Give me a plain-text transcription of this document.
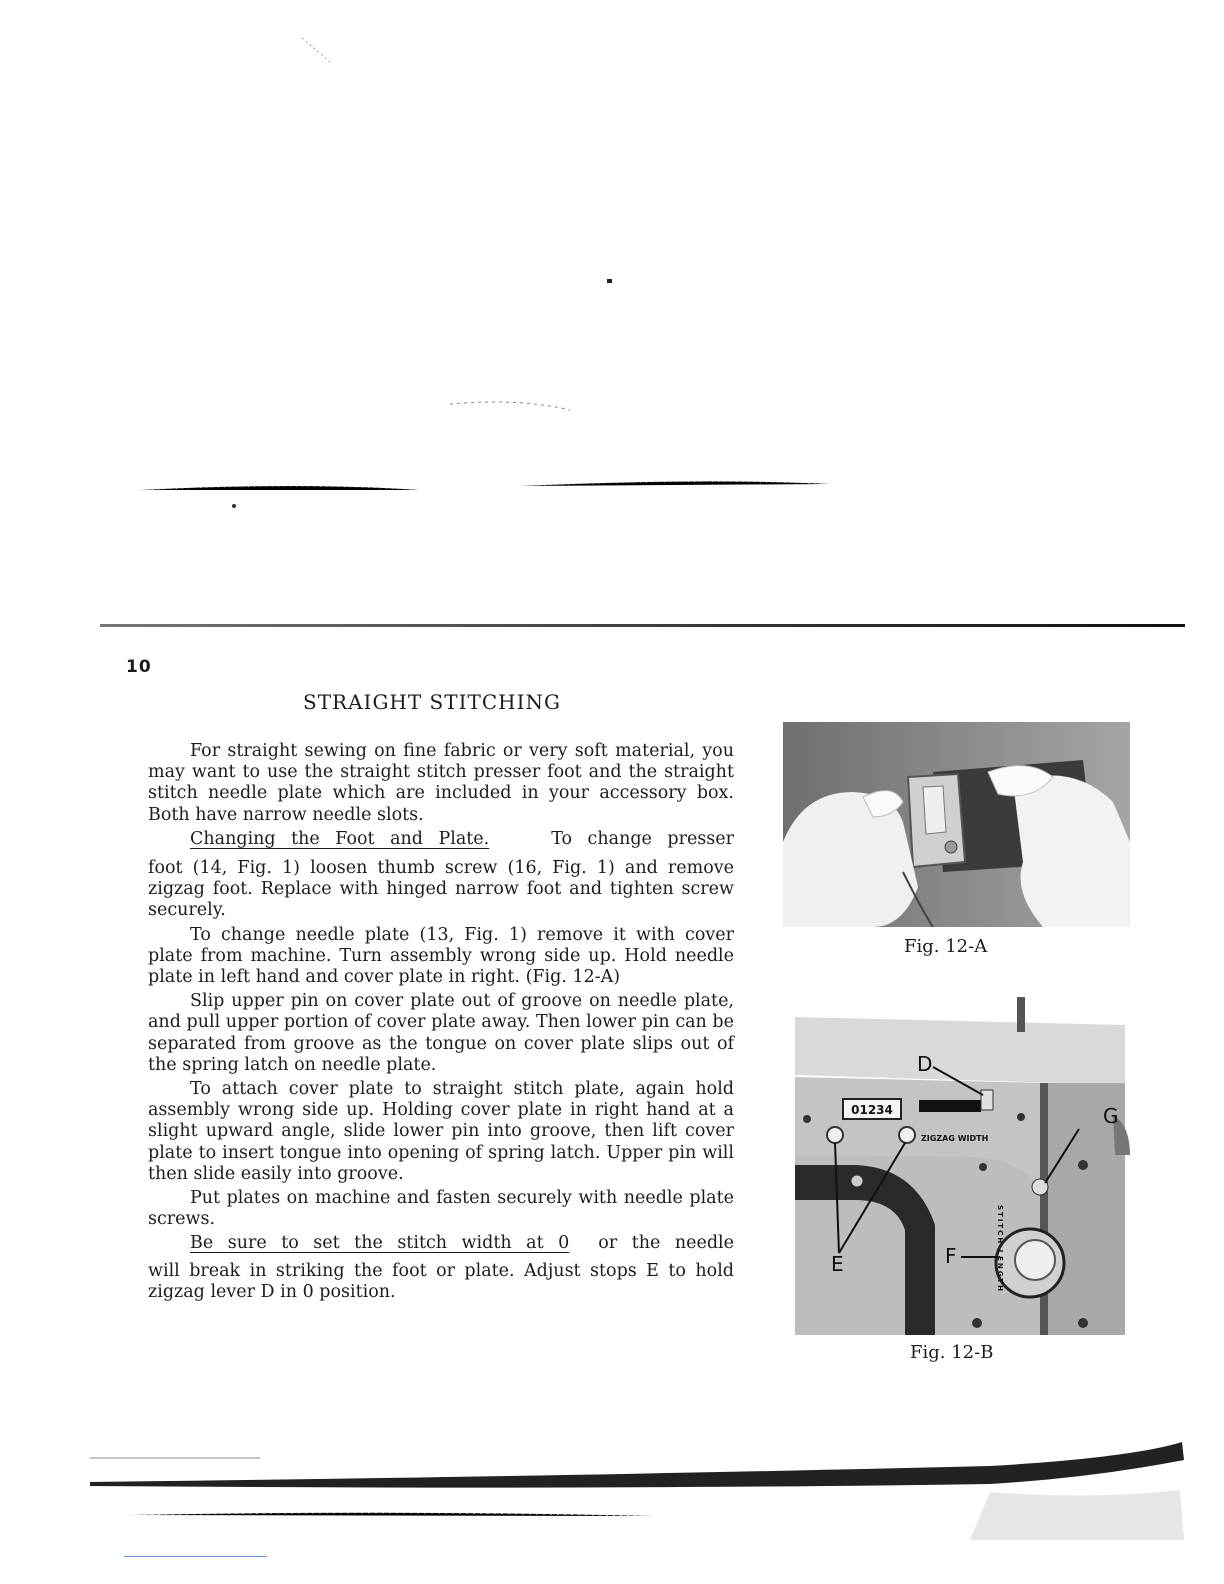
10
STRAIGHT STITCHING

For straight sewing on fine fabric or very soft material, you may want to use the straight stitch presser foot and the straight stitch needle plate which are included in your accessory box. Both have narrow needle slots.

Changing the Foot and Plate.	To change presser

foot (14, Fig. 1) loosen thumb screw (16, Fig. 1) and remove zigzag foot. Replace with hinged narrow foot and tighten screw securely.

To change needle plate (13, Fig. 1) remove it with cover plate from machine. Turn assembly wrong side up. Hold needle plate in left hand and cover plate in right. (Fig. 12-A)

Slip upper pin on cover plate out of groove on needle plate, and pull upper portion of cover plate away. Then lower pin can be separated from groove as the tongue on cover plate slips out of the spring latch on needle plate.

To attach cover plate to straight stitch plate, again hold assembly wrong side up. Holding cover plate in right hand at a slight upward angle, slide lower pin into groove, then lift cover plate to insert tongue into opening of spring latch. Upper pin will then slide easily into groove.

Put plates on machine and fasten securely with needle plate screws.

Be sure to set the stitch width at 0 or the needle

will break in striking the foot or plate. Adjust stops E to hold zigzag lever D in 0 position.

Fig. 12-A
01234
ZIGZAG WIDTH
STITCH LENGTH
D
E	F
G
Fig. 12-B
